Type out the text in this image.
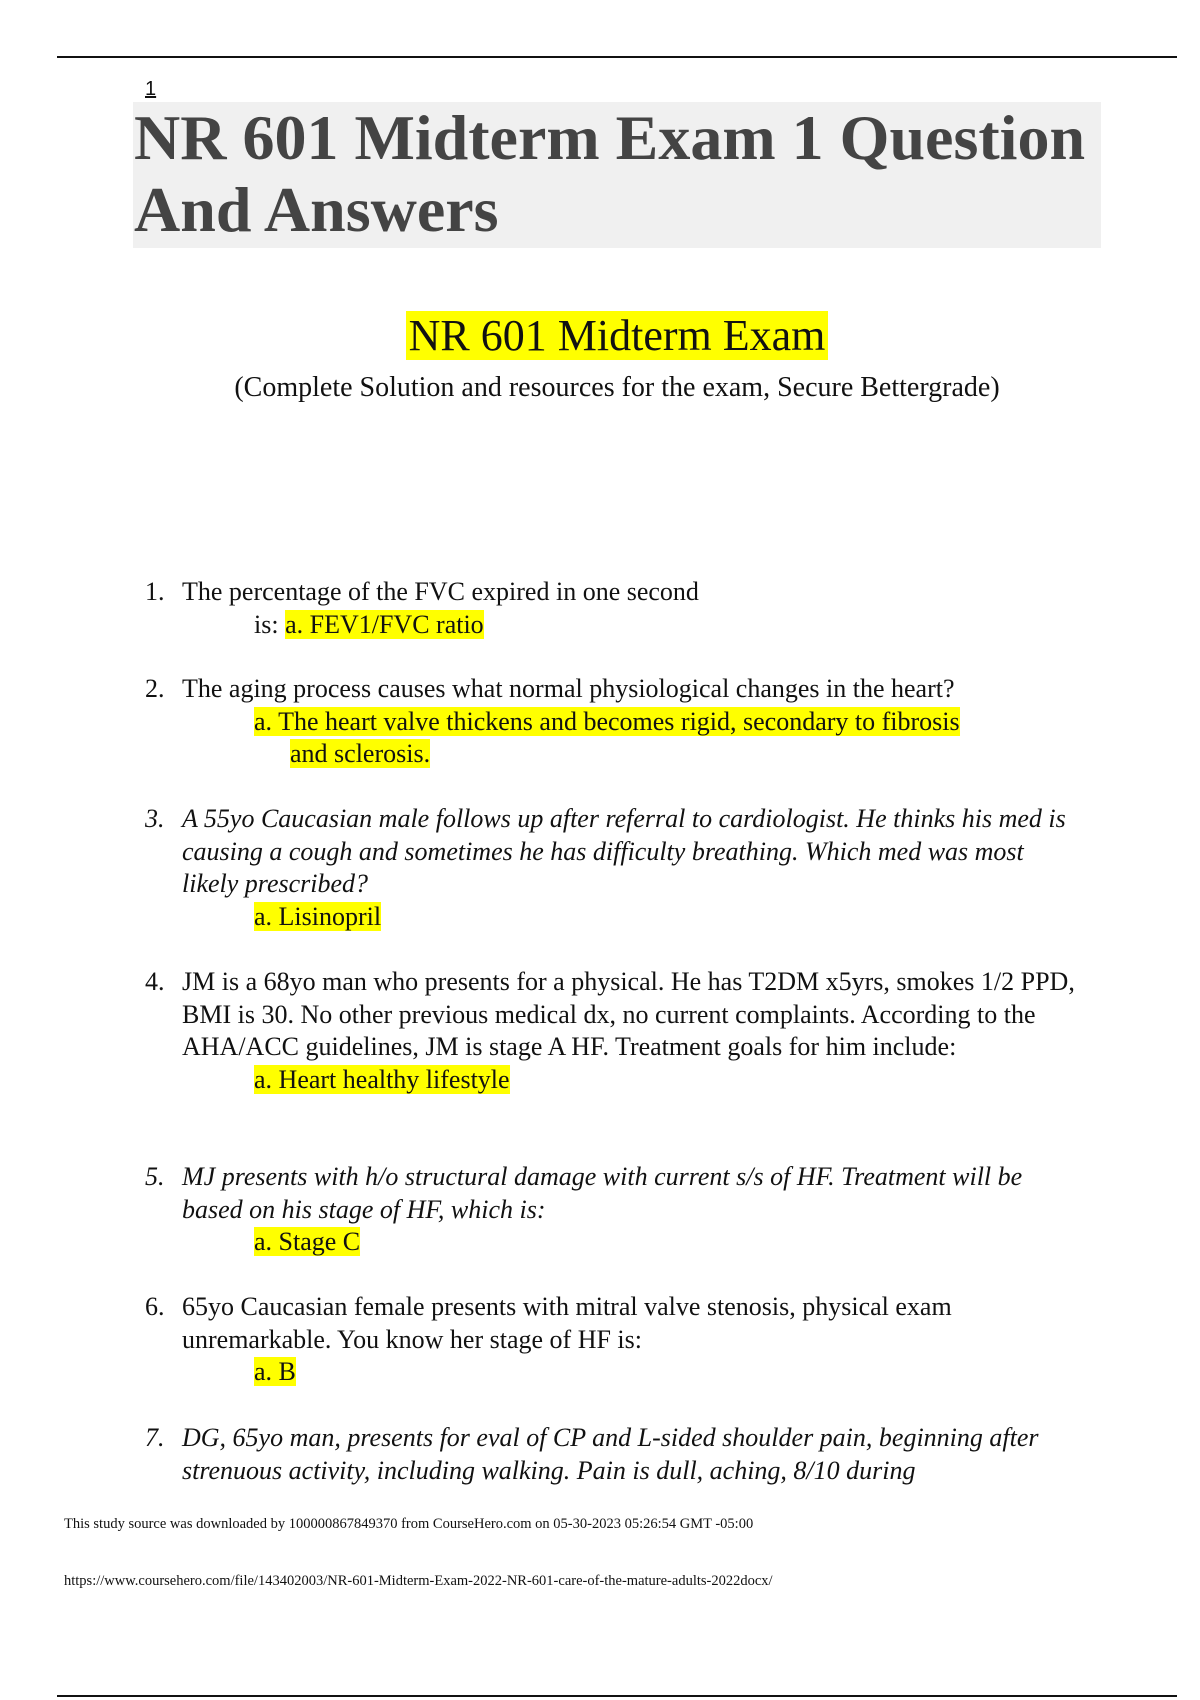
1
NR 601 Midterm Exam 1 Question And Answers
NR 601 Midterm Exam
(Complete Solution and resources for the exam, Secure Bettergrade)
1. The percentage of the FVC expired in one second
is: a. FEV1/FVC ratio
2. The aging process causes what normal physiological changes in the heart?
a. The heart valve thickens and becomes rigid, secondary to fibrosis
and sclerosis.
3. A 55yo Caucasian male follows up after referral to cardiologist. He thinks his med is causing a cough and sometimes he has difficulty breathing. Which med was most likely prescribed?
a. Lisinopril
4. JM is a 68yo man who presents for a physical. He has T2DM x5yrs, smokes 1/2 PPD, BMI is 30. No other previous medical dx, no current complaints. According to the AHA/ACC guidelines, JM is stage A HF. Treatment goals for him include:
a. Heart healthy lifestyle
5. MJ presents with h/o structural damage with current s/s of HF. Treatment will be based on his stage of HF, which is:
a. Stage C
6. 65yo Caucasian female presents with mitral valve stenosis, physical exam unremarkable. You know her stage of HF is:
a. B
7. DG, 65yo man, presents for eval of CP and L-sided shoulder pain, beginning after strenuous activity, including walking. Pain is dull, aching, 8/10 during
This study source was downloaded by 100000867849370 from CourseHero.com on 05-30-2023 05:26:54 GMT -05:00
https://www.coursehero.com/file/143402003/NR-601-Midterm-Exam-2022-NR-601-care-of-the-mature-adults-2022docx/
